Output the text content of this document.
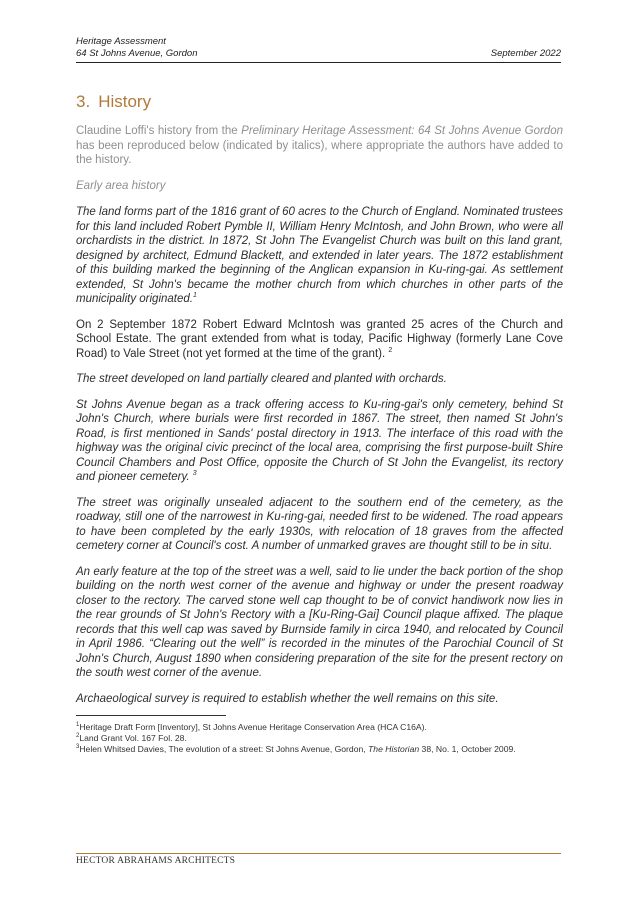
Heritage Assessment
64 St Johns Avenue, Gordon	September 2022
3. History

Claudine Loffi's history from the Preliminary Heritage Assessment: 64 St Johns Avenue Gordon has been reproduced below (indicated by italics), where appropriate the authors have added to the history.

Early area history

The land forms part of the 1816 grant of 60 acres to the Church of England. Nominated trustees for this land included Robert Pymble II, William Henry McIntosh, and John Brown, who were all orchardists in the district. In 1872, St John The Evangelist Church was built on this land grant, designed by architect, Edmund Blackett, and extended in later years. The 1872 establishment of this building marked the beginning of the Anglican expansion in Ku-ring-gai. As settlement extended, St John's became the mother church from which churches in other parts of the municipality originated.$^1$

On 2 September 1872 Robert Edward McIntosh was granted 25 acres of the Church and School Estate. The grant extended from what is today, Pacific Highway (formerly Lane Cove Road) to Vale Street (not yet formed at the time of the grant). $^2$

The street developed on land partially cleared and planted with orchards.

St Johns Avenue began as a track offering access to Ku-ring-gai's only cemetery, behind St John's Church, where burials were first recorded in 1867. The street, then named St John's Road, is first mentioned in Sands' postal directory in 1913. The interface of this road with the highway was the original civic precinct of the local area, comprising the first purpose-built Shire Council Chambers and Post Office, opposite the Church of St John the Evangelist, its rectory and pioneer cemetery. $^3$

The street was originally unsealed adjacent to the southern end of the cemetery, as the roadway, still one of the narrowest in Ku-ring-gai, needed first to be widened. The road appears to have been completed by the early 1930s, with relocation of 18 graves from the affected cemetery corner at Council's cost. A number of unmarked graves are thought still to be in situ.

An early feature at the top of the street was a well, said to lie under the back portion of the shop building on the north west corner of the avenue and highway or under the present roadway closer to the rectory. The carved stone well cap thought to be of convict handiwork now lies in the rear grounds of St John's Rectory with a [Ku-Ring-Gai] Council plaque affixed. The plaque records that this well cap was saved by Burnside family in circa 1940, and relocated by Council in April 1986. “Clearing out the well” is recorded in the minutes of the Parochial Council of St John's Church, August 1890 when considering preparation of the site for the present rectory on the south west corner of the avenue.

Archaeological survey is required to establish whether the well remains on this site.

$^1$Heritage Draft Form [Inventory], St Johns Avenue Heritage Conservation Area (HCA C16A).
$^2$Land Grant Vol. 167 Fol. 28.
$^3$Helen Whitsed Davies, The evolution of a street: St Johns Avenue, Gordon, The Historian 38, No. 1, October 2009.
HECTOR ABRAHAMS ARCHITECTS
